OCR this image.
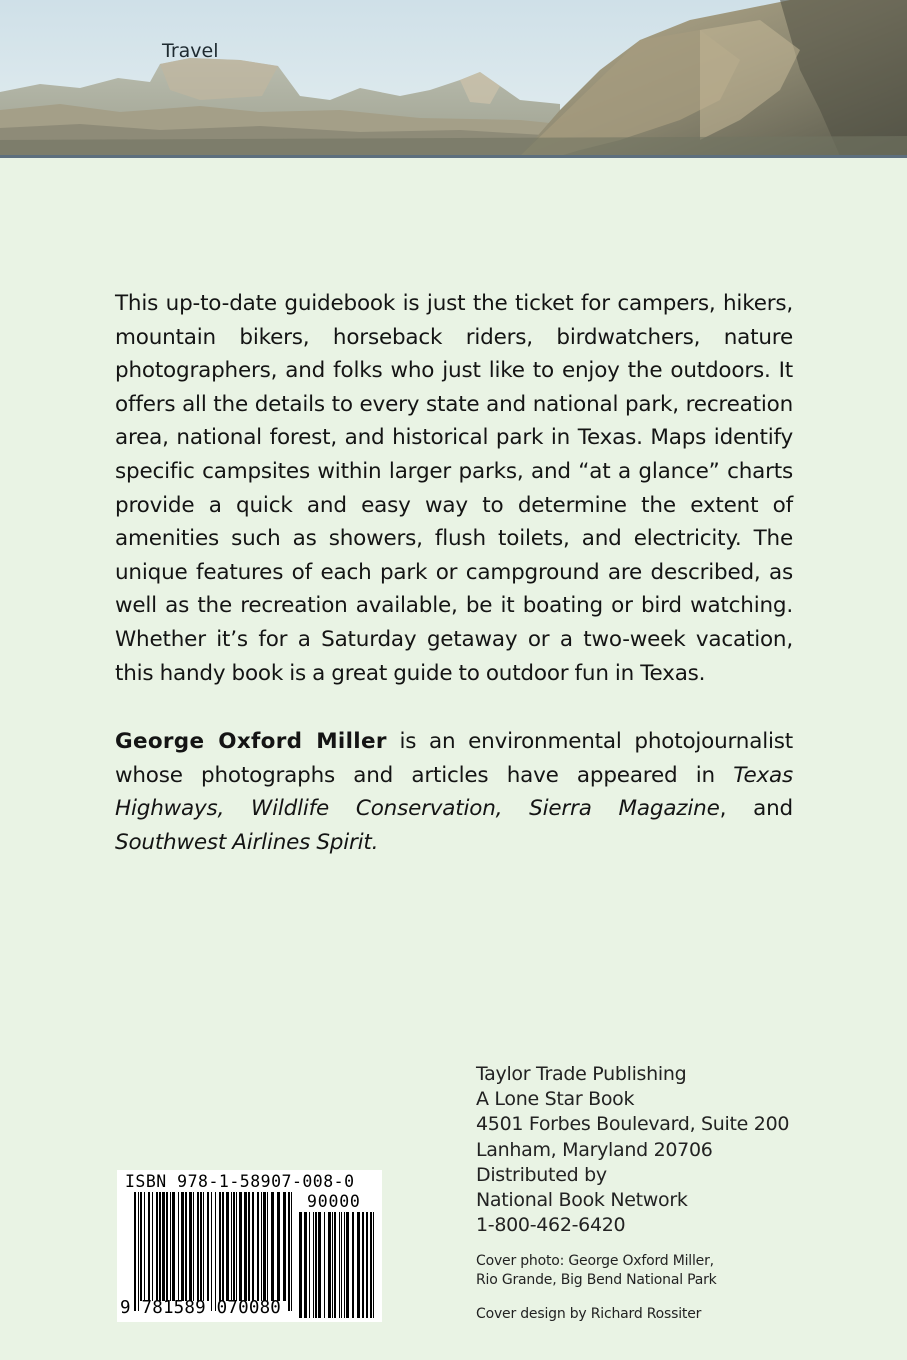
Travel

This up-to-date guidebook is just the ticket for campers, hikers, mountain bikers, horseback riders, birdwatchers, nature photographers, and folks who just like to enjoy the outdoors. It offers all the details to every state and national park, recreation area, national forest, and historical park in Texas. Maps identify specific campsites within larger parks, and “at a glance” charts provide a quick and easy way to determine the extent of amenities such as showers, flush toilets, and electricity. The unique features of each park or campground are described, as well as the recreation available, be it boating or bird watching. Whether it’s for a Saturday getaway or a two-week vacation, this handy book is a great guide to outdoor fun in Texas.

George Oxford Miller is an environmental photojournalist whose photographs and articles have appeared in Texas Highways, Wildlife Conservation, Sierra Magazine, and Southwest Airlines Spirit.
Taylor Trade Publishing
A Lone Star Book
4501 Forbes Boulevard, Suite 200
Lanham, Maryland 20706
Distributed by
National Book Network
1-800-462-6420
Cover photo: George Oxford Miller,
Rio Grande, Big Bend National Park
Cover design by Richard Rossiter
ISBN 978-1-58907-008-0
90000
9 781589 070080
